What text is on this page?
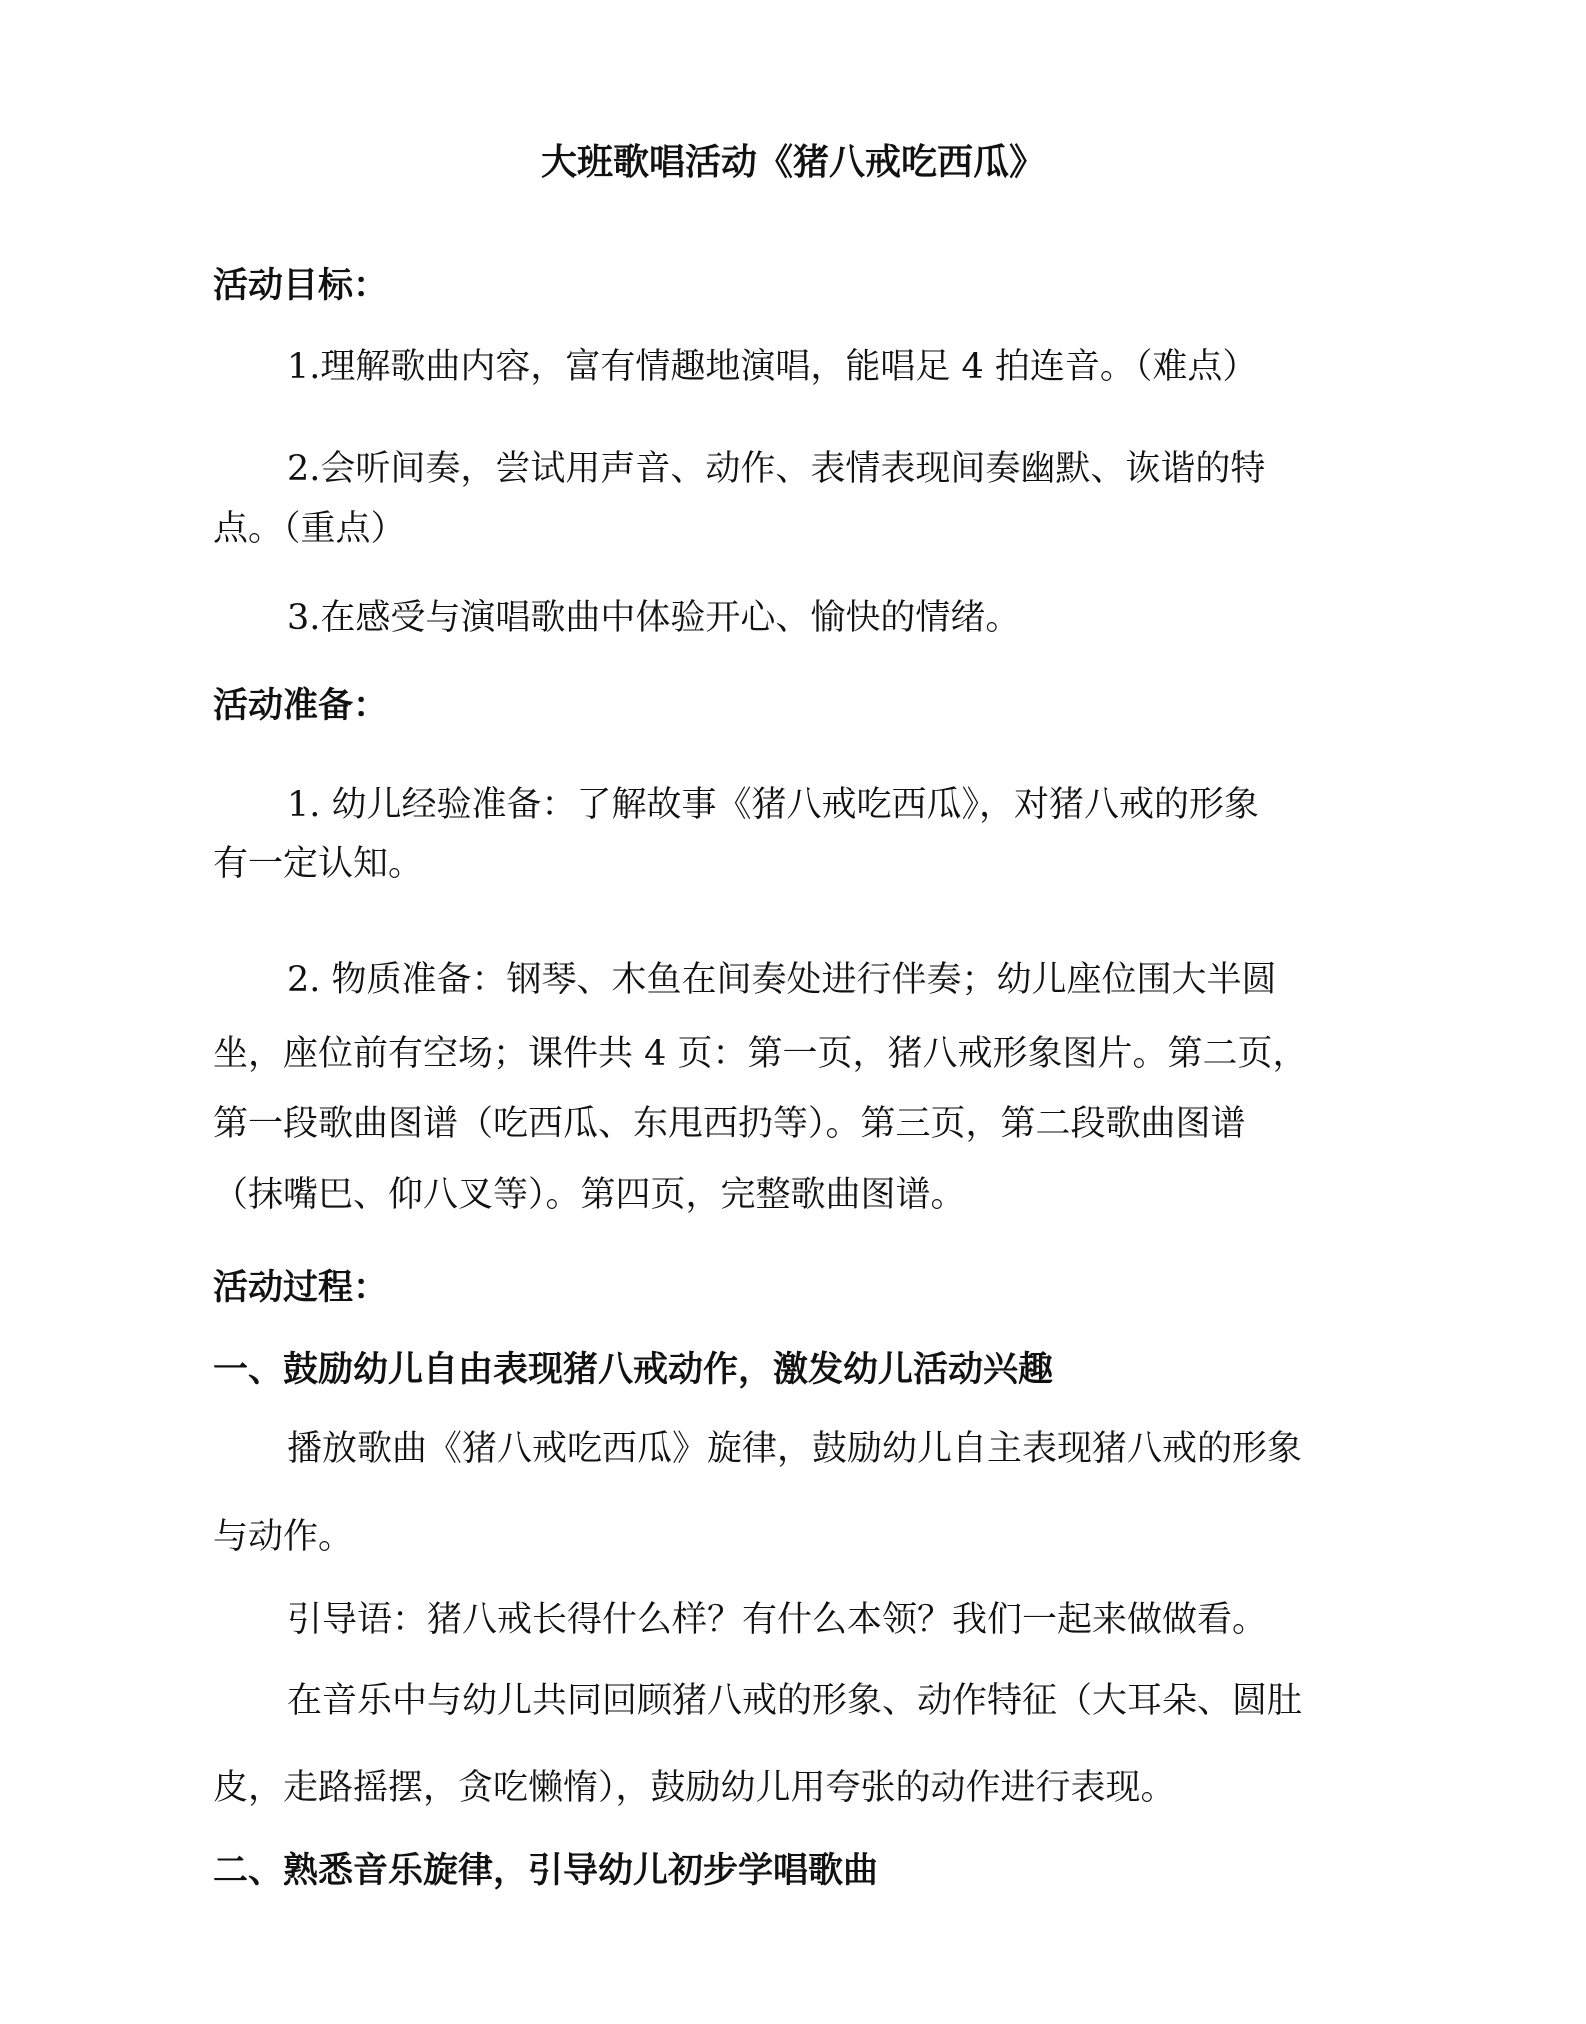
大班歌唱活动《猪八戒吃西瓜》
活动目标：
1.理解歌曲内容，富有情趣地演唱，能唱足 4 拍连音。（难点）
2.会听间奏，尝试用声音、动作、表情表现间奏幽默、诙谐的特
点。（重点）
3.在感受与演唱歌曲中体验开心、愉快的情绪。
活动准备：
1. 幼儿经验准备：了解故事《猪八戒吃西瓜》，对猪八戒的形象
有一定认知。
2. 物质准备：钢琴、木鱼在间奏处进行伴奏；幼儿座位围大半圆
坐，座位前有空场；课件共 4 页：第一页，猪八戒形象图片。第二页，
第一段歌曲图谱（吃西瓜、东甩西扔等）。第三页，第二段歌曲图谱
（抹嘴巴、仰八叉等）。第四页，完整歌曲图谱。
活动过程：
一、鼓励幼儿自由表现猪八戒动作，激发幼儿活动兴趣
播放歌曲《猪八戒吃西瓜》旋律，鼓励幼儿自主表现猪八戒的形象
与动作。
引导语：猪八戒长得什么样？有什么本领？我们一起来做做看。
在音乐中与幼儿共同回顾猪八戒的形象、动作特征（大耳朵、圆肚
皮，走路摇摆，贪吃懒惰），鼓励幼儿用夸张的动作进行表现。
二、熟悉音乐旋律，引导幼儿初步学唱歌曲
